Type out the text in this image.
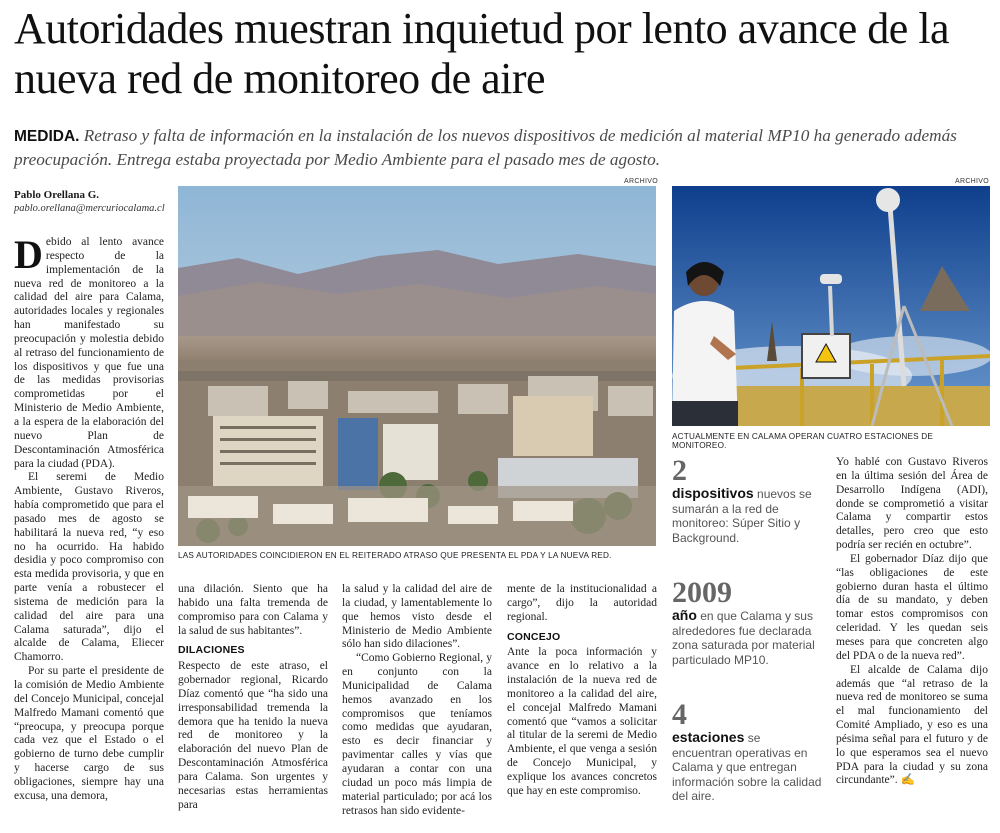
Autoridades muestran inquietud por lento avance de la nueva red de monitoreo de aire
MEDIDA. Retraso y falta de información en la instalación de los nuevos dispositivos de medición al material MP10 ha generado además preocupación. Entrega estaba proyectada por Medio Ambiente para el pasado mes de agosto.
Pablo Orellana G.
pablo.orellana@mercuriocalama.cl

Debido al lento avance respecto de la implementación de la nueva red de monitoreo a la calidad del aire para Calama, autoridades locales y regionales han manifestado su preocupación y molestia debido al retraso del funcionamiento de los dispositivos y que fue una de las medidas provisorias comprometidas por el Ministerio de Medio Ambiente, a la espera de la elaboración del nuevo Plan de Descontaminación Atmosférica para la ciudad (PDA).

El seremi de Medio Ambiente, Gustavo Riveros, había comprometido que para el pasado mes de agosto se habilitará la nueva red, “y eso no ha ocurrido. Ha habido desidia y poco compromiso con esta medida provisoria, y que en parte venía a robustecer el sistema de medición para la calidad del aire para una Calama saturada”, dijo el alcalde de Calama, Eliecer Chamorro.

Por su parte el presidente de la comisión de Medio Ambiente del Concejo Municipal, concejal Malfredo Mamani comentó que “preocupa, y preocupa porque cada vez que el Estado o el gobierno de turno debe cumplir y hacerse cargo de sus obligaciones, siempre hay una excusa, una demora,

ARCHIVO
LAS AUTORIDADES COINCIDIERON EN EL REITERADO ATRASO QUE PRESENTA EL PDA Y LA NUEVA RED.
ARCHIVO
ACTUALMENTE EN CALAMA OPERAN CUATRO ESTACIONES DE MONITOREO.

una dilación. Siento que ha habido una falta tremenda de compromiso para con Calama y la salud de sus habitantes”.

DILACIONES

Respecto de este atraso, el gobernador regional, Ricardo Díaz comentó que “ha sido una irresponsabilidad tremenda la demora que ha tenido la nueva red de monitoreo y la elaboración del nuevo Plan de Descontaminación Atmosférica para Calama. Son urgentes y necesarias estas herramientas para

la salud y la calidad del aire de la ciudad, y lamentablemente lo que hemos visto desde el Ministerio de Medio Ambiente sólo han sido dilaciones”.

“Como Gobierno Regional, y en conjunto con la Municipalidad de Calama hemos avanzado en los compromisos que teníamos como medidas que ayudaran, esto es decir financiar y pavimentar calles y vías que ayudaran a contar con una ciudad un poco más limpia de material particulado; por acá los retrasos han sido evidente-

mente de la institucionalidad a cargo”, dijo la autoridad regional.

CONCEJO

Ante la poca información y avance en lo relativo a la instalación de la nueva red de monitoreo a la calidad del aire, el concejal Malfredo Mamani comentó que “vamos a solicitar al titular de la seremi de Medio Ambiente, el que venga a sesión de Concejo Municipal, y explique los avances concretos que hay en este compromiso.

2
dispositivos nuevos se sumarán a la red de monitoreo: Súper Sitio y Background.
2009
año en que Calama y sus alrededores fue declarada zona saturada por material particulado MP10.
4
estaciones se encuentran operativas en Calama y que entregan información sobre la calidad del aire.

Yo hablé con Gustavo Riveros en la última sesión del Área de Desarrollo Indígena (ADI), donde se comprometió a visitar Calama y compartir estos detalles, pero creo que esto podría ser recién en octubre”.

El gobernador Díaz dijo que “las obligaciones de este gobierno duran hasta el último día de su mandato, y deben tomar estos compromisos con celeridad. Y les quedan seis meses para que concreten algo del PDA o de la nueva red”.

El alcalde de Calama dijo además que “al retraso de la nueva red de monitoreo se suma el mal funcionamiento del Comité Ampliado, y eso es una pésima señal para el futuro y de lo que esperamos sea el nuevo PDA para la ciudad y su zona circundante”. ✍
